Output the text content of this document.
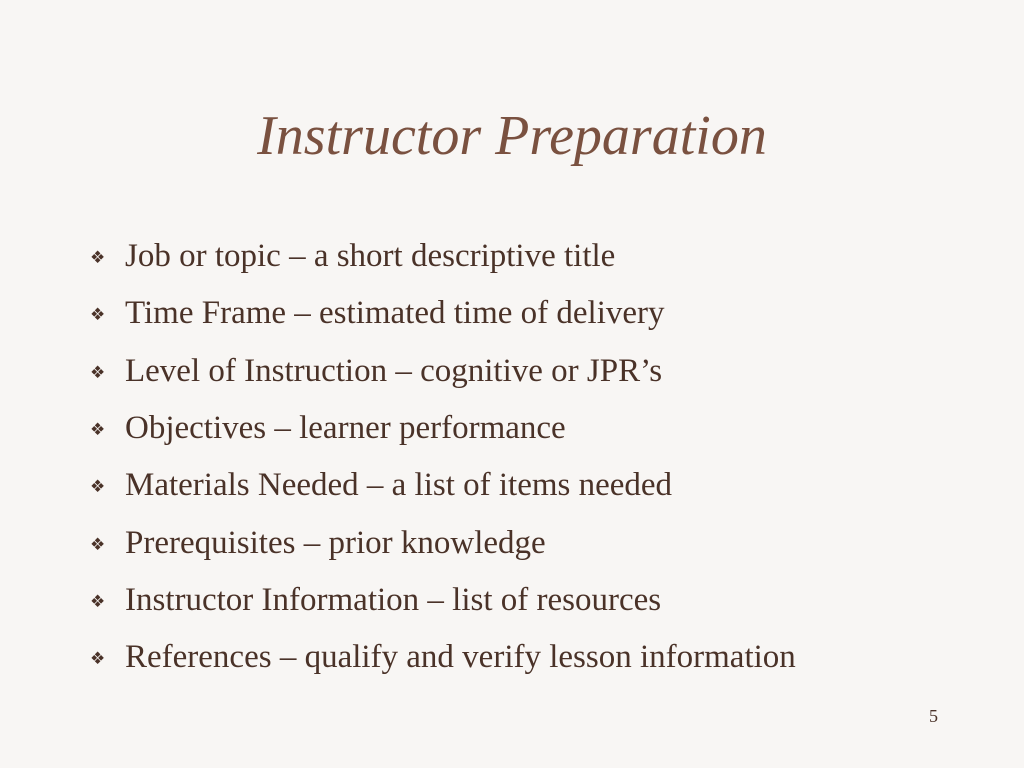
Instructor Preparation
❖ Job or topic – a short descriptive title
❖ Time Frame – estimated time of delivery
❖ Level of Instruction – cognitive or JPR’s
❖ Objectives – learner performance
❖ Materials Needed – a list of items needed
❖ Prerequisites – prior knowledge
❖ Instructor Information – list of resources
❖ References – qualify and verify lesson information
5
